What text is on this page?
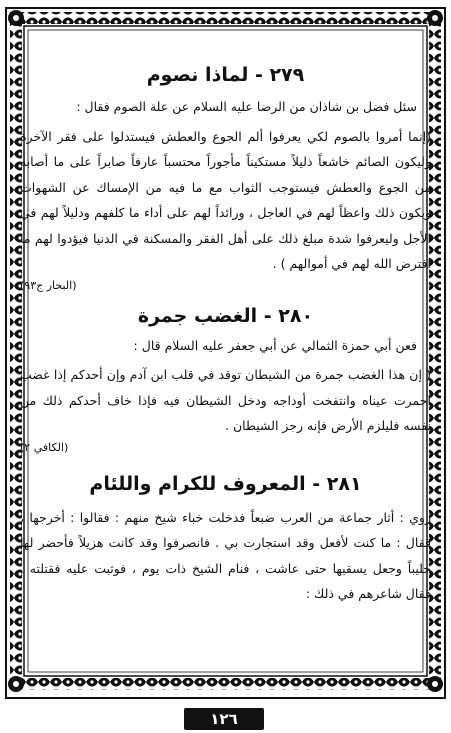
٢٧٩ - لماذا نصوم

سئل فضل بن شاذان من الرضا عليه السلام عن علة الصوم فقال :

(إنما أمروا بالصوم لكي يعرفوا ألم الجوع والعطش فيستدلوا على فقر الآخرة وليكون الصائم خاشعاً ذليلاً مستكيناً مأجوراً محتسباً عارفاً صابراً على ما أصابه من الجوع والعطش فيستوجب الثواب مع ما فيه من الإمساك عن الشهوات ويكون ذلك واعظاً لهم في العاجل ، ورائداً لهم على أداء ما كلفهم ودليلاً لهم في الأجل وليعرفوا شدة مبلغ ذلك على أهل الفقر والمسكنة في الدنيا فيؤدوا لهم ما افترض الله لهم في أموالهم ) .

(البحار ج٩٣)

٢٨٠ - الغضب جمرة

فعن أبي حمزة الثمالي عن أبي جعفر عليه السلام قال :

( إن هذا الغضب جمرة من الشيطان توقد في قلب ابن آدم وإن أحدكم إذا غضب احمرت عيناه وانتفخت أوداجه ودخل الشيطان فيه فإذا خاف أحدكم ذلك من نفسه فليلزم الأرض فإنه رجز الشيطان .

(الكافي ٢)

٢٨١ - المعروف للكرام واللئام

روي : أثار جماعة من العرب ضبعاً فدخلت خباء شيخ منهم : فقالوا : أخرجها ، فقال : ما كنت لأفعل وقد استجارت بي . فانصرفوا وقد كانت هزيلاً فأحضر لها حليباً وجعل يسقيها حتى عاشت ، فنام الشيخ ذات يوم ، فوثبت عليه فقتلته . فقال شاعرهم في ذلك :

١٢٦
